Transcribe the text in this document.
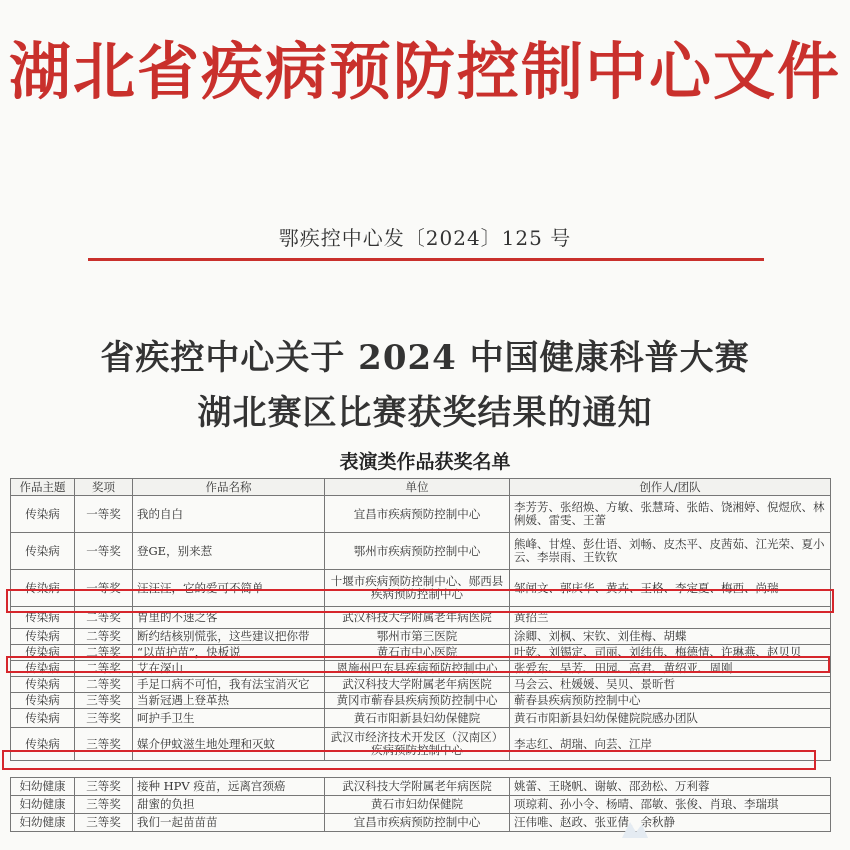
湖北省疾病预防控制中心文件
鄂疾控中心发〔2024〕125 号
省疾控中心关于 2024 中国健康科普大赛
湖北赛区比赛获奖结果的通知
表演类作品获奖名单
作品主题	奖项	作品名称	单位	创作人/团队
传染病	一等奖	我的自白	宜昌市疾病预防控制中心	李芳芳、张绍焕、方敏、张慧琦、张皓、饶湘婷、倪煜欣、林俐媛、雷雯、王蕾
传染病	一等奖	登GE，别来惹	鄂州市疾病预防控制中心	熊峰、甘煌、彭仕语、刘畅、皮杰平、皮茜茹、江光荣、夏小云、李崇雨、王钦钦
传染病	一等奖	汪汪汪，它的爱可不简单	十堰市疾病预防控制中心、郧西县疾病预防控制中心	邹闻文、郭庆华、黄卉、王格、李定夏、梅西、尚瑞
传染病	二等奖	胃里的不速之客	武汉科技大学附属老年病医院	黄招兰
传染病	二等奖	断约结核别慌张，这些建议把你带	鄂州市第三医院	涂卿、刘枫、宋钦、刘佳梅、胡蝶
传染病	二等奖	“以苗护苗”，快板说	黄石市中心医院	叶乾、刘锡定、司丽、刘纬伟、梅德情、许琳燕、赵贝贝
传染病	二等奖	艾在深山	恩施州巴东县疾病预防控制中心	张爱东、吴芳、田园、高君、黄绍亚、周刚
传染病	二等奖	手足口病不可怕，我有法宝消灭它	武汉科技大学附属老年病医院	马会云、杜媛媛、吴贝、景昕哲
传染病	三等奖	当新冠遇上登革热	黄冈市蕲春县疾病预防控制中心	蕲春县疾病预防控制中心
传染病	三等奖	呵护手卫生	黄石市阳新县妇幼保健院	黄石市阳新县妇幼保健院院感办团队
传染病	三等奖	媒介伊蚊滋生地处理和灭蚊	武汉市经济技术开发区（汉南区）疾病预防控制中心	李志红、胡瑞、向芸、江岸

妇幼健康	三等奖	接种 HPV 疫苗，远离宫颈癌	武汉科技大学附属老年病医院	姚蕾、王晓帆、谢敏、邵劲松、万利蓉
妇幼健康	三等奖	甜蜜的负担	黄石市妇幼保健院	项琼莉、孙小令、杨晴、邵敏、张俊、肖琅、李瑞琪
妇幼健康	三等奖	我们一起苗苗苗	宜昌市疾病预防控制中心	汪伟唯、赵政、张亚倩、余秋静
